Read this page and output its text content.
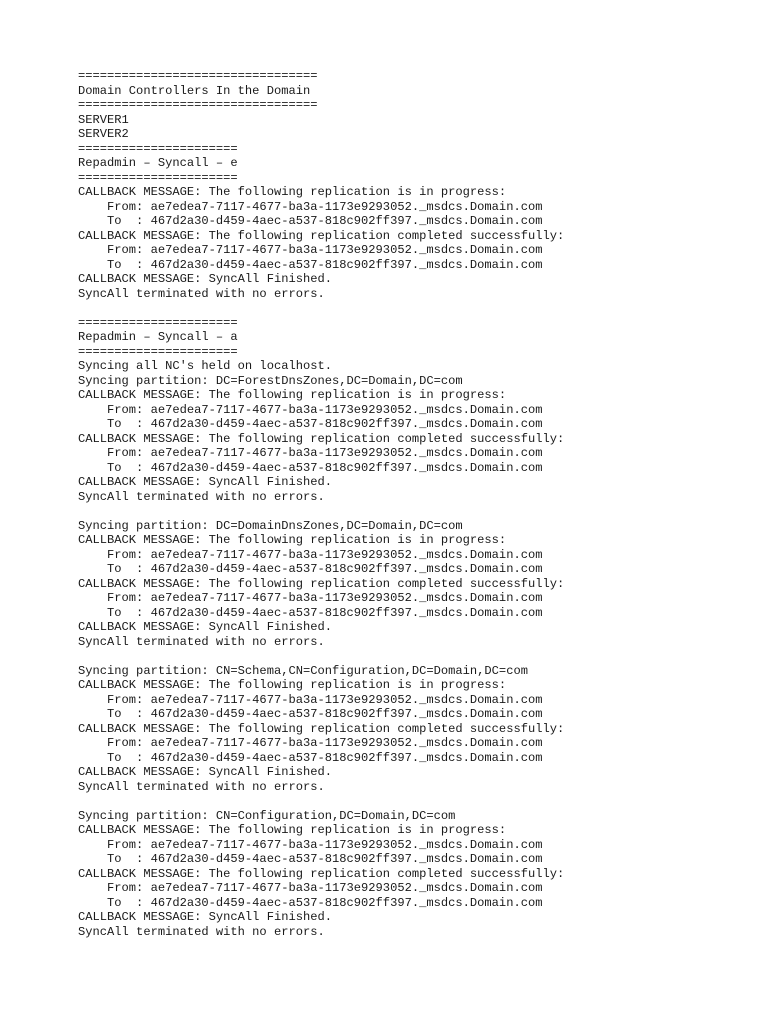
=================================
Domain Controllers In the Domain
=================================
SERVER1
SERVER2
======================
Repadmin – Syncall – e
======================
CALLBACK MESSAGE: The following replication is in progress:
From: ae7edea7-7117-4677-ba3a-1173e9293052._msdcs.Domain.com
To  : 467d2a30-d459-4aec-a537-818c902ff397._msdcs.Domain.com
CALLBACK MESSAGE: The following replication completed successfully:
From: ae7edea7-7117-4677-ba3a-1173e9293052._msdcs.Domain.com
To  : 467d2a30-d459-4aec-a537-818c902ff397._msdcs.Domain.com
CALLBACK MESSAGE: SyncAll Finished.
SyncAll terminated with no errors.
======================
Repadmin – Syncall – a
======================
Syncing all NC's held on localhost.
Syncing partition: DC=ForestDnsZones,DC=Domain,DC=com
CALLBACK MESSAGE: The following replication is in progress:
From: ae7edea7-7117-4677-ba3a-1173e9293052._msdcs.Domain.com
To  : 467d2a30-d459-4aec-a537-818c902ff397._msdcs.Domain.com
CALLBACK MESSAGE: The following replication completed successfully:
From: ae7edea7-7117-4677-ba3a-1173e9293052._msdcs.Domain.com
To  : 467d2a30-d459-4aec-a537-818c902ff397._msdcs.Domain.com
CALLBACK MESSAGE: SyncAll Finished.
SyncAll terminated with no errors.
Syncing partition: DC=DomainDnsZones,DC=Domain,DC=com
CALLBACK MESSAGE: The following replication is in progress:
From: ae7edea7-7117-4677-ba3a-1173e9293052._msdcs.Domain.com
To  : 467d2a30-d459-4aec-a537-818c902ff397._msdcs.Domain.com
CALLBACK MESSAGE: The following replication completed successfully:
From: ae7edea7-7117-4677-ba3a-1173e9293052._msdcs.Domain.com
To  : 467d2a30-d459-4aec-a537-818c902ff397._msdcs.Domain.com
CALLBACK MESSAGE: SyncAll Finished.
SyncAll terminated with no errors.
Syncing partition: CN=Schema,CN=Configuration,DC=Domain,DC=com
CALLBACK MESSAGE: The following replication is in progress:
From: ae7edea7-7117-4677-ba3a-1173e9293052._msdcs.Domain.com
To  : 467d2a30-d459-4aec-a537-818c902ff397._msdcs.Domain.com
CALLBACK MESSAGE: The following replication completed successfully:
From: ae7edea7-7117-4677-ba3a-1173e9293052._msdcs.Domain.com
To  : 467d2a30-d459-4aec-a537-818c902ff397._msdcs.Domain.com
CALLBACK MESSAGE: SyncAll Finished.
SyncAll terminated with no errors.
Syncing partition: CN=Configuration,DC=Domain,DC=com
CALLBACK MESSAGE: The following replication is in progress:
From: ae7edea7-7117-4677-ba3a-1173e9293052._msdcs.Domain.com
To  : 467d2a30-d459-4aec-a537-818c902ff397._msdcs.Domain.com
CALLBACK MESSAGE: The following replication completed successfully:
From: ae7edea7-7117-4677-ba3a-1173e9293052._msdcs.Domain.com
To  : 467d2a30-d459-4aec-a537-818c902ff397._msdcs.Domain.com
CALLBACK MESSAGE: SyncAll Finished.
SyncAll terminated with no errors.
